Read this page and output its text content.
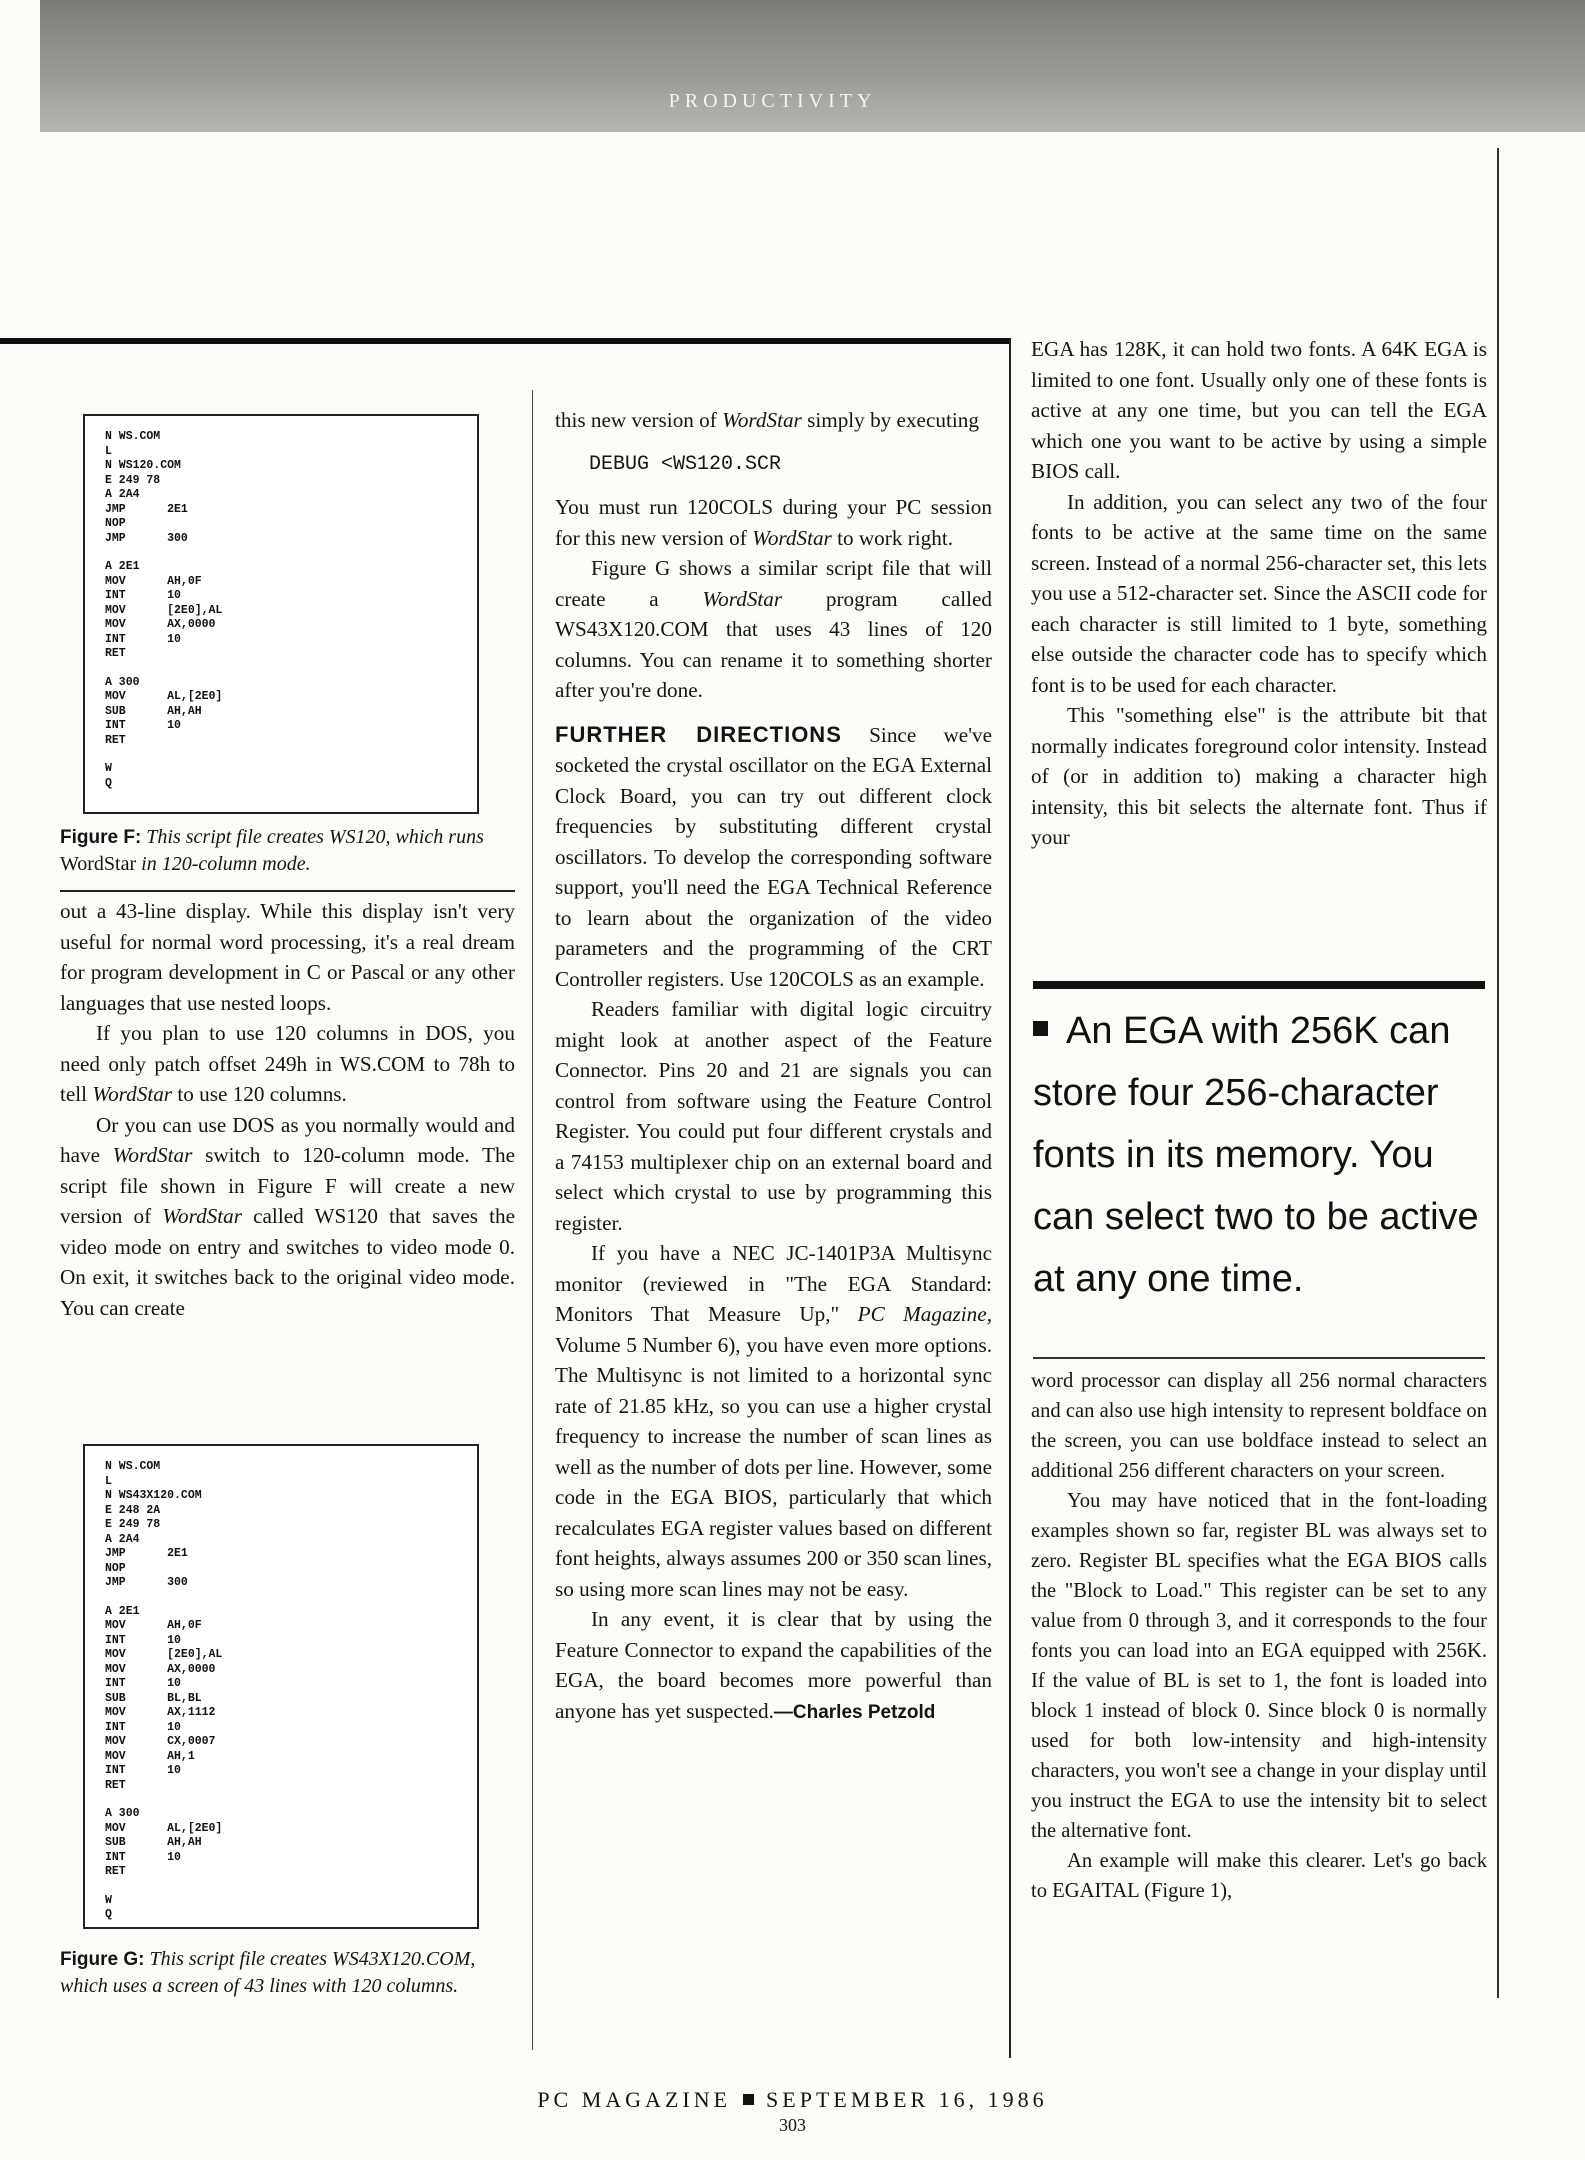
PRODUCTIVITY
N WS.COM
L
N WS120.COM
E 249 78
A 2A4
JMP      2E1
NOP
JMP      300
A 2E1
MOV      AH,0F
INT      10
MOV      [2E0],AL
MOV      AX,0000
INT      10
RET
A 300
MOV      AL,[2E0]
SUB      AH,AH
INT      10
RET
W
Q
Figure F: This script file creates WS120, which runs WordStar in 120-column mode.

out a 43-line display. While this display isn't very useful for normal word processing, it's a real dream for program development in C or Pascal or any other languages that use nested loops.

If you plan to use 120 columns in DOS, you need only patch offset 249h in WS.COM to 78h to tell WordStar to use 120 columns.

Or you can use DOS as you normally would and have WordStar switch to 120-column mode. The script file shown in Figure F will create a new version of WordStar called WS120 that saves the video mode on entry and switches to video mode 0. On exit, it switches back to the original video mode. You can create

N WS.COM
L
N WS43X120.COM
E 248 2A
E 249 78
A 2A4
JMP      2E1
NOP
JMP      300
A 2E1
MOV      AH,0F
INT      10
MOV      [2E0],AL
MOV      AX,0000
INT      10
SUB      BL,BL
MOV      AX,1112
INT      10
MOV      CX,0007
MOV      AH,1
INT      10
RET
A 300
MOV      AL,[2E0]
SUB      AH,AH
INT      10
RET
W
Q
Figure G: This script file creates WS43X120.COM, which uses a screen of 43 lines with 120 columns.

this new version of WordStar simply by executing

DEBUG <WS120.SCR

You must run 120COLS during your PC session for this new version of WordStar to work right.

Figure G shows a similar script file that will create a WordStar program called WS43X120.COM that uses 43 lines of 120 columns. You can rename it to something shorter after you're done.

FURTHER DIRECTIONS Since we've socketed the crystal oscillator on the EGA External Clock Board, you can try out different clock frequencies by substituting different crystal oscillators. To develop the corresponding software support, you'll need the EGA Technical Reference to learn about the organization of the video parameters and the programming of the CRT Controller registers. Use 120COLS as an example.

Readers familiar with digital logic circuitry might look at another aspect of the Feature Connector. Pins 20 and 21 are signals you can control from software using the Feature Control Register. You could put four different crystals and a 74153 multiplexer chip on an external board and select which crystal to use by programming this register.

If you have a NEC JC-1401P3A Multisync monitor (reviewed in "The EGA Standard: Monitors That Measure Up," PC Magazine, Volume 5 Number 6), you have even more options. The Multisync is not limited to a horizontal sync rate of 21.85 kHz, so you can use a higher crystal frequency to increase the number of scan lines as well as the number of dots per line. However, some code in the EGA BIOS, particularly that which recalculates EGA register values based on different font heights, always assumes 200 or 350 scan lines, so using more scan lines may not be easy.

In any event, it is clear that by using the Feature Connector to expand the capabilities of the EGA, the board becomes more powerful than anyone has yet suspected.—Charles Petzold

EGA has 128K, it can hold two fonts. A 64K EGA is limited to one font. Usually only one of these fonts is active at any one time, but you can tell the EGA which one you want to be active by using a simple BIOS call.

In addition, you can select any two of the four fonts to be active at the same time on the same screen. Instead of a normal 256-character set, this lets you use a 512-character set. Since the ASCII code for each character is still limited to 1 byte, something else outside the character code has to specify which font is to be used for each character.

This "something else" is the attribute bit that normally indicates foreground color intensity. Instead of (or in addition to) making a character high intensity, this bit selects the alternate font. Thus if your

An EGA with 256K can store four 256-character fonts in its memory. You can select two to be active at any one time.

word processor can display all 256 normal characters and can also use high intensity to represent boldface on the screen, you can use boldface instead to select an additional 256 different characters on your screen.

You may have noticed that in the font-loading examples shown so far, register BL was always set to zero. Register BL specifies what the EGA BIOS calls the "Block to Load." This register can be set to any value from 0 through 3, and it corresponds to the four fonts you can load into an EGA equipped with 256K. If the value of BL is set to 1, the font is loaded into block 1 instead of block 0. Since block 0 is normally used for both low-intensity and high-intensity characters, you won't see a change in your display until you instruct the EGA to use the intensity bit to select the alternative font.

An example will make this clearer. Let's go back to EGAITAL (Figure 1),

PC MAGAZINE SEPTEMBER 16, 1986
303
